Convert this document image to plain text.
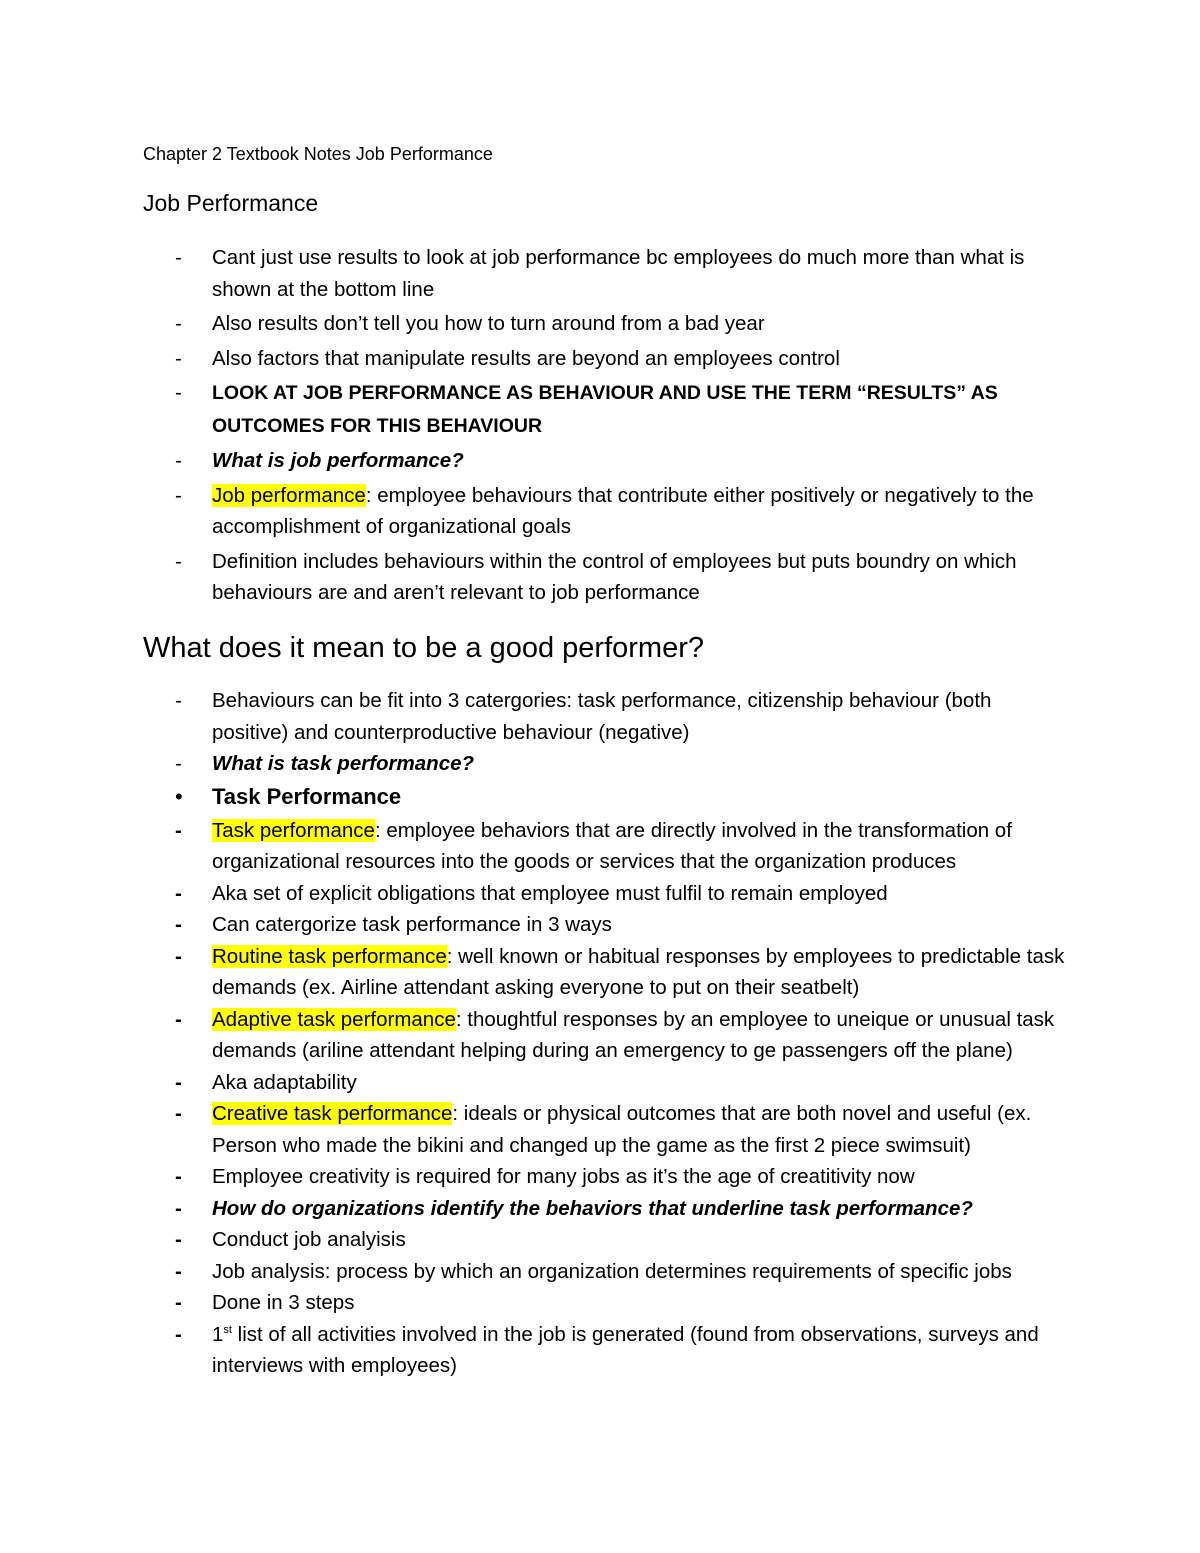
Chapter 2 Textbook Notes Job Performance
Job Performance
- Cant just use results to look at job performance bc employees do much more than what is shown at the bottom line
- Also results don’t tell you how to turn around from a bad year
- Also factors that manipulate results are beyond an employees control
- LOOK AT JOB PERFORMANCE AS BEHAVIOUR AND USE THE TERM “RESULTS” AS OUTCOMES FOR THIS BEHAVIOUR
- What is job performance?
- Job performance: employee behaviours that contribute either positively or negatively to the accomplishment of organizational goals
- Definition includes behaviours within the control of employees but puts boundry on which behaviours are and aren’t relevant to job performance
What does it mean to be a good performer?
- Behaviours can be fit into 3 catergories: task performance, citizenship behaviour (both positive) and counterproductive behaviour (negative)
- What is task performance?
• Task Performance
- Task performance: employee behaviors that are directly involved in the transformation of organizational resources into the goods or services that the organization produces
- Aka set of explicit obligations that employee must fulfil to remain employed
- Can catergorize task performance in 3 ways
- Routine task performance: well known or habitual responses by employees to predictable task demands (ex. Airline attendant asking everyone to put on their seatbelt)
- Adaptive task performance: thoughtful responses by an employee to uneique or unusual task demands (ariline attendant helping during an emergency to ge passengers off the plane)
- Aka adaptability
- Creative task performance: ideals or physical outcomes that are both novel and useful (ex. Person who made the bikini and changed up the game as the first 2 piece swimsuit)
- Employee creativity is required for many jobs as it’s the age of creatitivity now
- How do organizations identify the behaviors that underline task performance?
- Conduct job analyisis
- Job analysis: process by which an organization determines requirements of specific jobs
- Done in 3 steps
- 1st list of all activities involved in the job is generated (found from observations, surveys and interviews with employees)
